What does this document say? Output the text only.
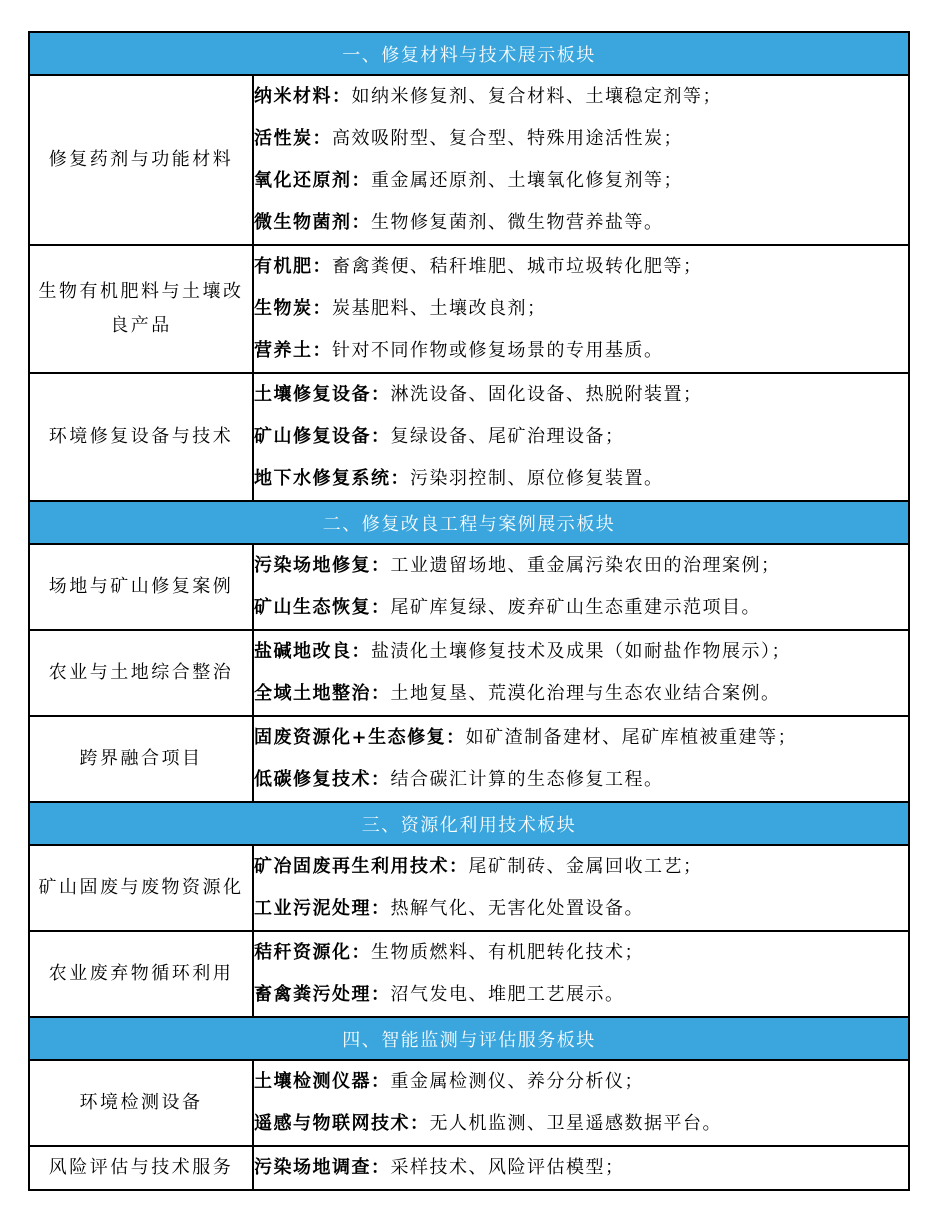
一、修复材料与技术展示板块	
修复药剂与功能材料	纳米材料：如纳米修复剂、复合材料、土壤稳定剂等；
活性炭：高效吸附型、复合型、特殊用途活性炭；
氧化还原剂：重金属还原剂、土壤氧化修复剂等；
微生物菌剂：生物修复菌剂、微生物营养盐等。

生物有机肥料与土壤改良产品	有机肥：畜禽粪便、秸秆堆肥、城市垃圾转化肥等；
生物炭：炭基肥料、土壤改良剂；
营养土：针对不同作物或修复场景的专用基质。

环境修复设备与技术	土壤修复设备：淋洗设备、固化设备、热脱附装置；
矿山修复设备：复绿设备、尾矿治理设备；
地下水修复系统：污染羽控制、原位修复装置。

二、修复改良工程与案例展示板块	
场地与矿山修复案例	污染场地修复：工业遗留场地、重金属污染农田的治理案例；
矿山生态恢复：尾矿库复绿、废弃矿山生态重建示范项目。

农业与土地综合整治	盐碱地改良：盐渍化土壤修复技术及成果（如耐盐作物展示）；
全域土地整治：土地复垦、荒漠化治理与生态农业结合案例。

跨界融合项目	固废资源化+生态修复：如矿渣制备建材、尾矿库植被重建等；
低碳修复技术：结合碳汇计算的生态修复工程。

三、资源化利用技术板块	
矿山固废与废物资源化	矿冶固废再生利用技术：尾矿制砖、金属回收工艺；
工业污泥处理：热解气化、无害化处置设备。

农业废弃物循环利用	秸秆资源化：生物质燃料、有机肥转化技术；
畜禽粪污处理：沼气发电、堆肥工艺展示。

四、智能监测与评估服务板块	
环境检测设备	土壤检测仪器：重金属检测仪、养分分析仪；
遥感与物联网技术：无人机监测、卫星遥感数据平台。

风险评估与技术服务	污染场地调查：采样技术、风险评估模型；
